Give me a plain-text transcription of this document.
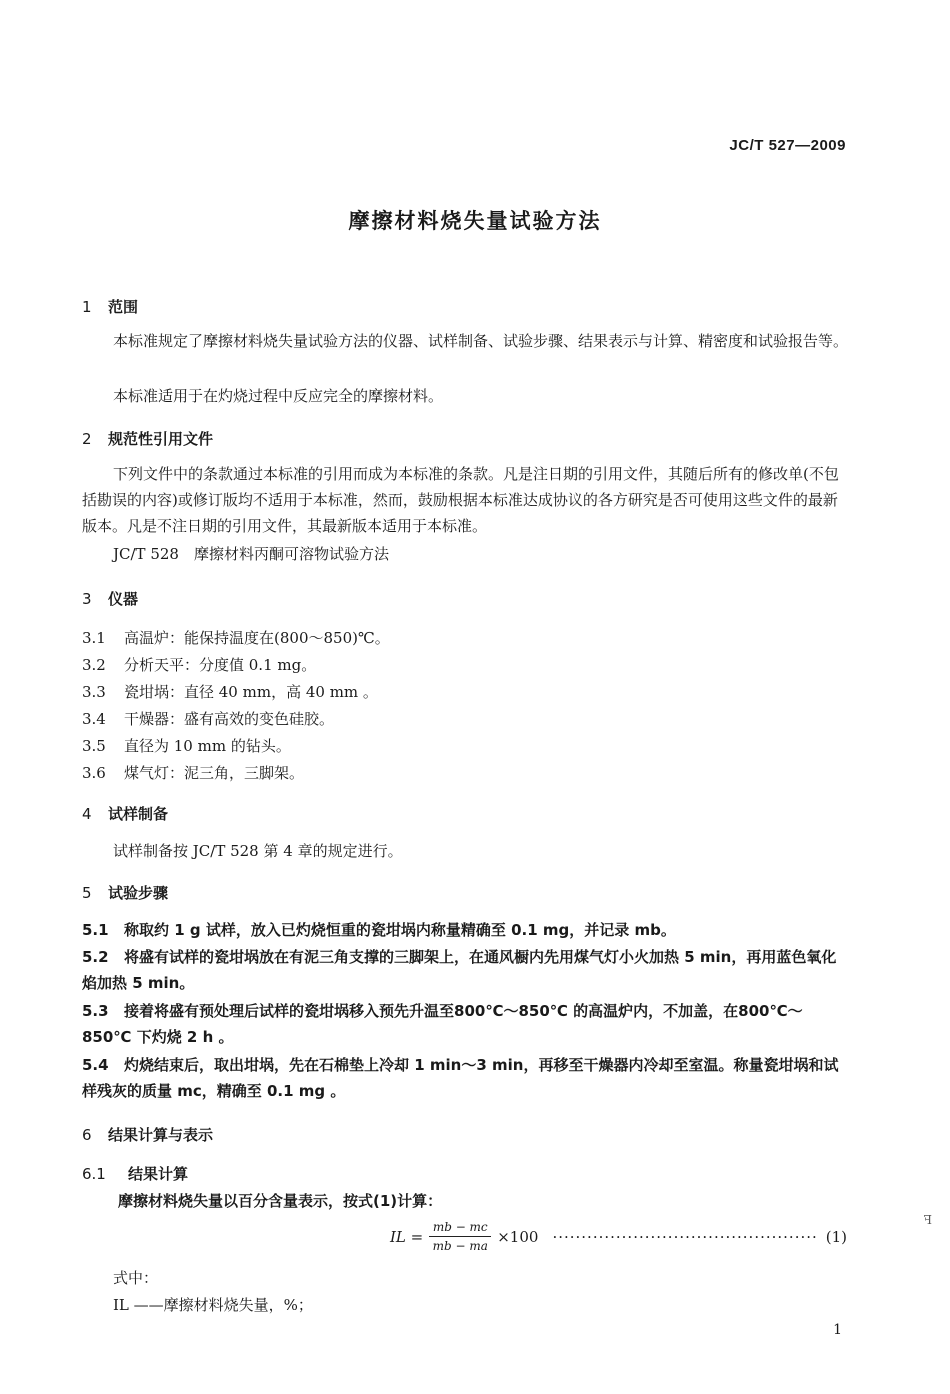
JC/T 527—2009
摩擦材料烧失量试验方法
1 范围
本标准规定了摩擦材料烧失量试验方法的仪器、试样制备、试验步骤、结果表示与计算、精密度和试验报告等。
本标准适用于在灼烧过程中反应完全的摩擦材料。
2 规范性引用文件
下列文件中的条款通过本标准的引用而成为本标准的条款。凡是注日期的引用文件，其随后所有的修改单(不包括勘误的内容)或修订版均不适用于本标准，然而，鼓励根据本标准达成协议的各方研究是否可使用这些文件的最新版本。凡是不注日期的引用文件，其最新版本适用于本标准。
JC/T 528　摩擦材料丙酮可溶物试验方法
3 仪器
3.1 高温炉：能保持温度在(800～850)℃。
3.2 分析天平：分度值 0.1 mg。
3.3 瓷坩埚：直径 40 mm，高 40 mm 。
3.4 干燥器：盛有高效的变色硅胶。
3.5 直径为 10 mm 的钻头。
3.6 煤气灯：泥三角，三脚架。
4 试样制备
试样制备按 JC/T 528 第 4 章的规定进行。
5 试验步骤
5.1 称取约 1 g 试样，放入已灼烧恒重的瓷坩埚内称量精确至 0.1 mg，并记录 mb。
5.2 将盛有试样的瓷坩埚放在有泥三角支撑的三脚架上，在通风橱内先用煤气灯小火加热 5 min，再用蓝色氧化焰加热 5 min。
5.3 接着将盛有预处理后试样的瓷坩埚移入预先升温至800℃～850℃ 的高温炉内，不加盖，在800℃～850℃ 下灼烧 2 h 。
5.4 灼烧结束后，取出坩埚，先在石棉垫上冷却 1 min～3 min，再移至干燥器内冷却至室温。称量瓷坩埚和试样残灰的质量 mc，精确至 0.1 mg 。
6 结果计算与表示
6.1 结果计算
摩擦材料烧失量以百分含量表示，按式(1)计算：
IL = $\frac{mb - mc}{mb - ma} \times 100$ ·············································· (1)
式中：
IL ——摩擦材料烧失量，%；
ꟻ
1
